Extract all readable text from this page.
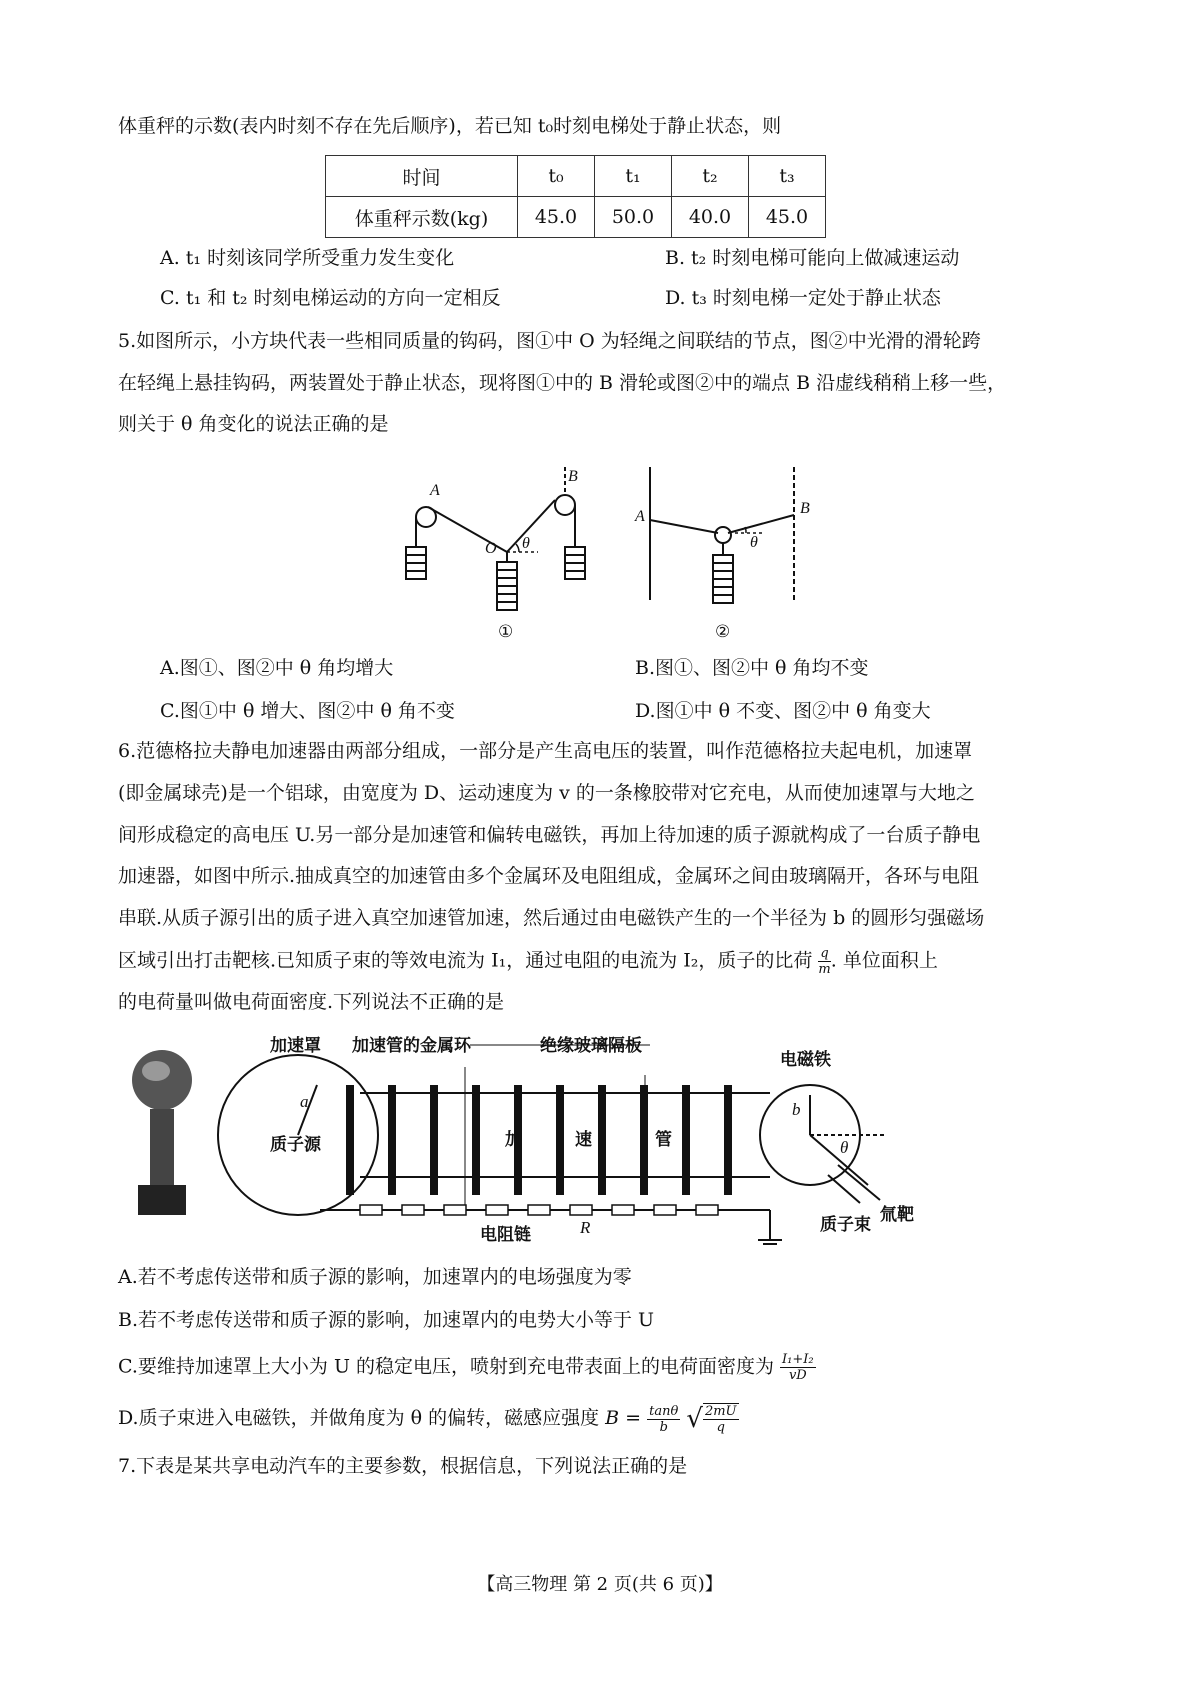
体重秤的示数(表内时刻不存在先后顺序)，若已知 t₀时刻电梯处于静止状态，则
时间	t₀	t₁	t₂	t₃
体重秤示数(kg)	45.0	50.0	40.0	45.0
A. t₁ 时刻该同学所受重力发生变化	B. t₂ 时刻电梯可能向上做减速运动
C. t₁ 和 t₂ 时刻电梯运动的方向一定相反	D. t₃ 时刻电梯一定处于静止状态
5.如图所示，小方块代表一些相同质量的钩码，图①中 O 为轻绳之间联结的节点，图②中光滑的滑轮跨
在轻绳上悬挂钩码，两装置处于静止状态，现将图①中的 B 滑轮或图②中的端点 B 沿虚线稍稍上移一些，
则关于 θ 角变化的说法正确的是
A
B
O θ
A	B
θ
①	②
A.图①、图②中 θ 角均增大	B.图①、图②中 θ 角均不变
C.图①中 θ 增大、图②中 θ 角不变	D.图①中 θ 不变、图②中 θ 角变大
6.范德格拉夫静电加速器由两部分组成，一部分是产生高电压的装置，叫作范德格拉夫起电机，加速罩
(即金属球壳)是一个铝球，由宽度为 D、运动速度为 v 的一条橡胶带对它充电，从而使加速罩与大地之
间形成稳定的高电压 U.另一部分是加速管和偏转电磁铁，再加上待加速的质子源就构成了一台质子静电
加速器，如图中所示.抽成真空的加速管由多个金属环及电阻组成，金属环之间由玻璃隔开，各环与电阻
串联.从质子源引出的质子进入真空加速管加速，然后通过由电磁铁产生的一个半径为 b 的圆形匀强磁场
区域引出打击靶核.已知质子束的等效电流为 I₁，通过电阻的电流为 I₂，质子的比荷 $\frac{q}{m}$ . 单位面积上
的电荷量叫做电荷面密度.下列说法不正确的是
加速罩 加速管的金属环	绝缘玻璃隔板
电磁铁
质子源	加	速	管
电阻链	质子束 氚靶
a	b
θ
R
A.若不考虑传送带和质子源的影响，加速罩内的电场强度为零
B.若不考虑传送带和质子源的影响，加速罩内的电势大小等于 U
C.要维持加速罩上大小为 U 的稳定电压，喷射到充电带表面上的电荷面密度为 $\frac{\text{I₁+I₂}}{vD}$
D.质子束进入电磁铁，并做角度为 θ 的偏转，磁感应强度 $B = \frac{\tan\theta}{b}$ √ $\frac{2mU}{q}$
7.下表是某共享电动汽车的主要参数，根据信息，下列说法正确的是
【高三物理 第 2 页(共 6 页)】
